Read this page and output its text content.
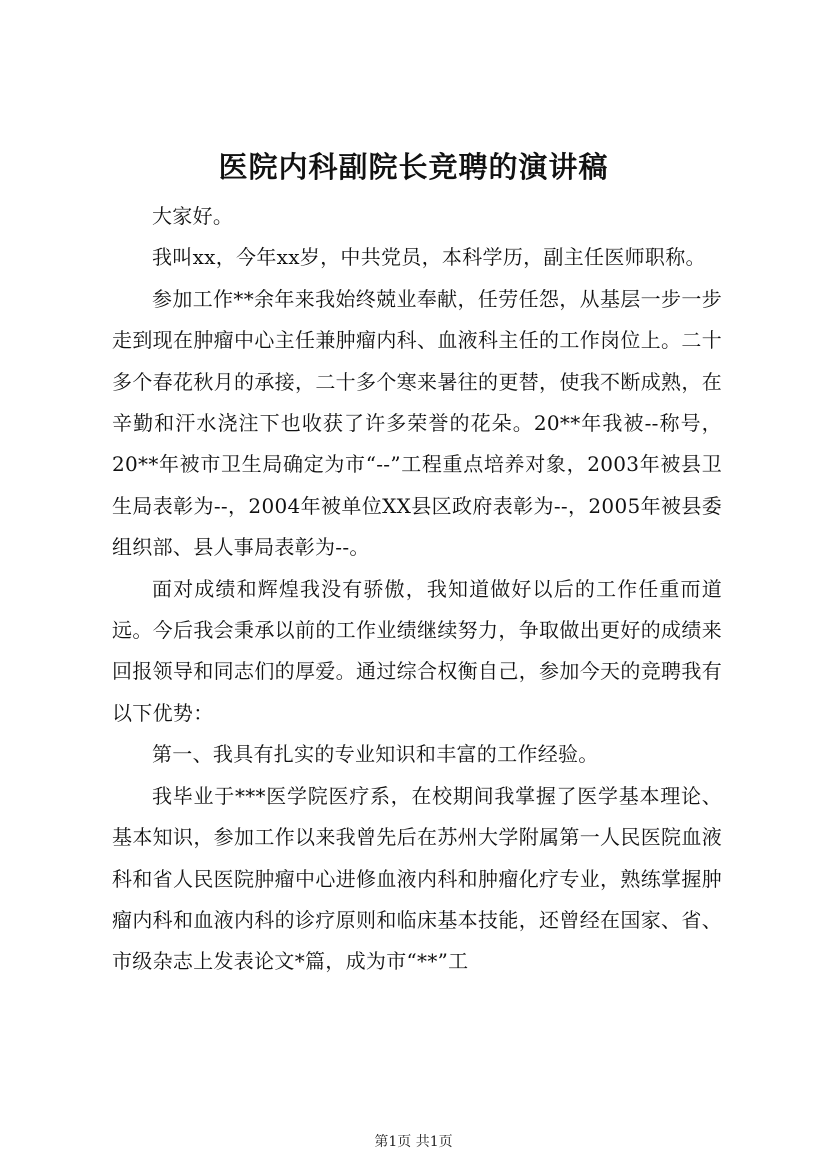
医院内科副院长竞聘的演讲稿

大家好。

我叫xx，今年xx岁，中共党员，本科学历，副主任医师职称。

参加工作**余年来我始终兢业奉献，任劳任怨，从基层一步一步走到现在肿瘤中心主任兼肿瘤内科、血液科主任的工作岗位上。二十多个春花秋月的承接，二十多个寒来暑往的更替，使我不断成熟，在辛勤和汗水浇注下也收获了许多荣誉的花朵。20**年我被--称号，20**年被市卫生局确定为市“--”工程重点培养对象，2003年被县卫生局表彰为--，2004年被单位XX县区政府表彰为--，2005年被县委组织部、县人事局表彰为--。

面对成绩和辉煌我没有骄傲，我知道做好以后的工作任重而道远。今后我会秉承以前的工作业绩继续努力，争取做出更好的成绩来回报领导和同志们的厚爱。通过综合权衡自己，参加今天的竞聘我有以下优势：

第一、我具有扎实的专业知识和丰富的工作经验。

我毕业于***医学院医疗系，在校期间我掌握了医学基本理论、基本知识，参加工作以来我曾先后在苏州大学附属第一人民医院血液科和省人民医院肿瘤中心进修血液内科和肿瘤化疗专业，熟练掌握肿瘤内科和血液内科的诊疗原则和临床基本技能，还曾经在国家、省、市级杂志上发表论文*篇，成为市“**”工

第1页 共1页
